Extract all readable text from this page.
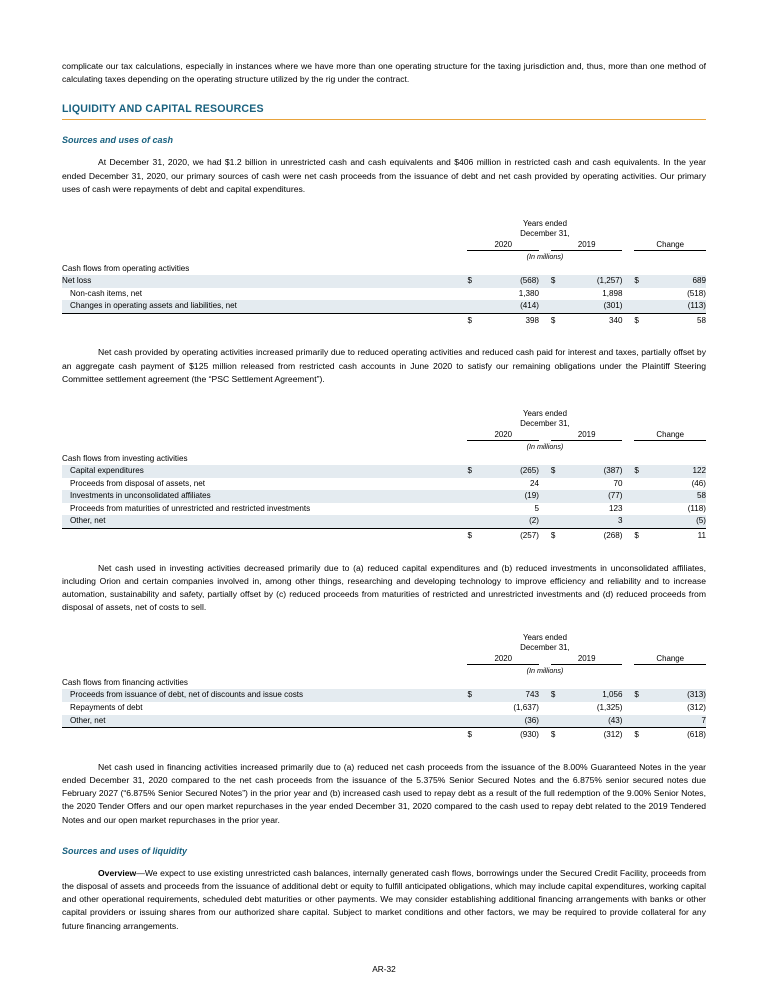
complicate our tax calculations, especially in instances where we have more than one operating structure for the taxing jurisdiction and, thus, more than one method of calculating taxes depending on the operating structure utilized by the rig under the contract.

LIQUIDITY AND CAPITAL RESOURCES
Sources and uses of cash

At December 31, 2020, we had $1.2 billion in unrestricted cash and cash equivalents and $406 million in restricted cash and cash equivalents. In the year ended December 31, 2020, our primary sources of cash were net cash proceeds from the issuance of debt and net cash provided by operating activities. Our primary uses of cash were repayments of debt and capital expenditures.

		Years ended
December 31,							
		2020			2019			Change	
		(In millions)							
Cash flows from operating activities									
Net loss		$	(568)		$	(1,257)		$	689
Non-cash items, net			1,380			1,898			(518)
Changes in operating assets and liabilities, net			(414)			(301)			(113)
		$	398		$	340		$	58

Net cash provided by operating activities increased primarily due to reduced operating activities and reduced cash paid for interest and taxes, partially offset by an aggregate cash payment of $125 million released from restricted cash accounts in June 2020 to satisfy our remaining obligations under the Plaintiff Steering Committee settlement agreement (the “PSC Settlement Agreement”).

		Years ended
December 31,							
		2020			2019			Change	
		(In millions)							
Cash flows from investing activities									
Capital expenditures		$	(265)		$	(387)		$	122
Proceeds from disposal of assets, net			24			70			(46)
Investments in unconsolidated affiliates			(19)			(77)			58
Proceeds from maturities of unrestricted and restricted investments			5			123			(118)
Other, net			(2)			3			(5)
		$	(257)		$	(268)		$	11

Net cash used in investing activities decreased primarily due to (a) reduced capital expenditures and (b) reduced investments in unconsolidated affiliates, including Orion and certain companies involved in, among other things, researching and developing technology to improve efficiency and reliability and to increase automation, sustainability and safety, partially offset by (c) reduced proceeds from maturities of restricted and unrestricted investments and (d) reduced proceeds from disposal of assets, net of costs to sell.

		Years ended
December 31,							
		2020			2019			Change	
		(In millions)							
Cash flows from financing activities									
Proceeds from issuance of debt, net of discounts and issue costs		$	743		$	1,056		$	(313)
Repayments of debt			(1,637)			(1,325)			(312)
Other, net			(36)			(43)			7
		$	(930)		$	(312)		$	(618)

Net cash used in financing activities increased primarily due to (a) reduced net cash proceeds from the issuance of the 8.00% Guaranteed Notes in the year ended December 31, 2020 compared to the net cash proceeds from the issuance of the 5.375% Senior Secured Notes and the 6.875% senior secured notes due February 2027 (“6.875% Senior Secured Notes”) in the prior year and (b) increased cash used to repay debt as a result of the full redemption of the 9.00% Senior Notes, the 2020 Tender Offers and our open market repurchases in the year ended December 31, 2020 compared to the cash used to repay debt related to the 2019 Tendered Notes and our open market repurchases in the prior year.

Sources and uses of liquidity

Overview—We expect to use existing unrestricted cash balances, internally generated cash flows, borrowings under the Secured Credit Facility, proceeds from the disposal of assets and proceeds from the issuance of additional debt or equity to fulfill anticipated obligations, which may include capital expenditures, working capital and other operational requirements, scheduled debt maturities or other payments. We may consider establishing additional financing arrangements with banks or other capital providers or issuing shares from our authorized share capital. Subject to market conditions and other factors, we may be required to provide collateral for any future financing arrangements.

AR-32
